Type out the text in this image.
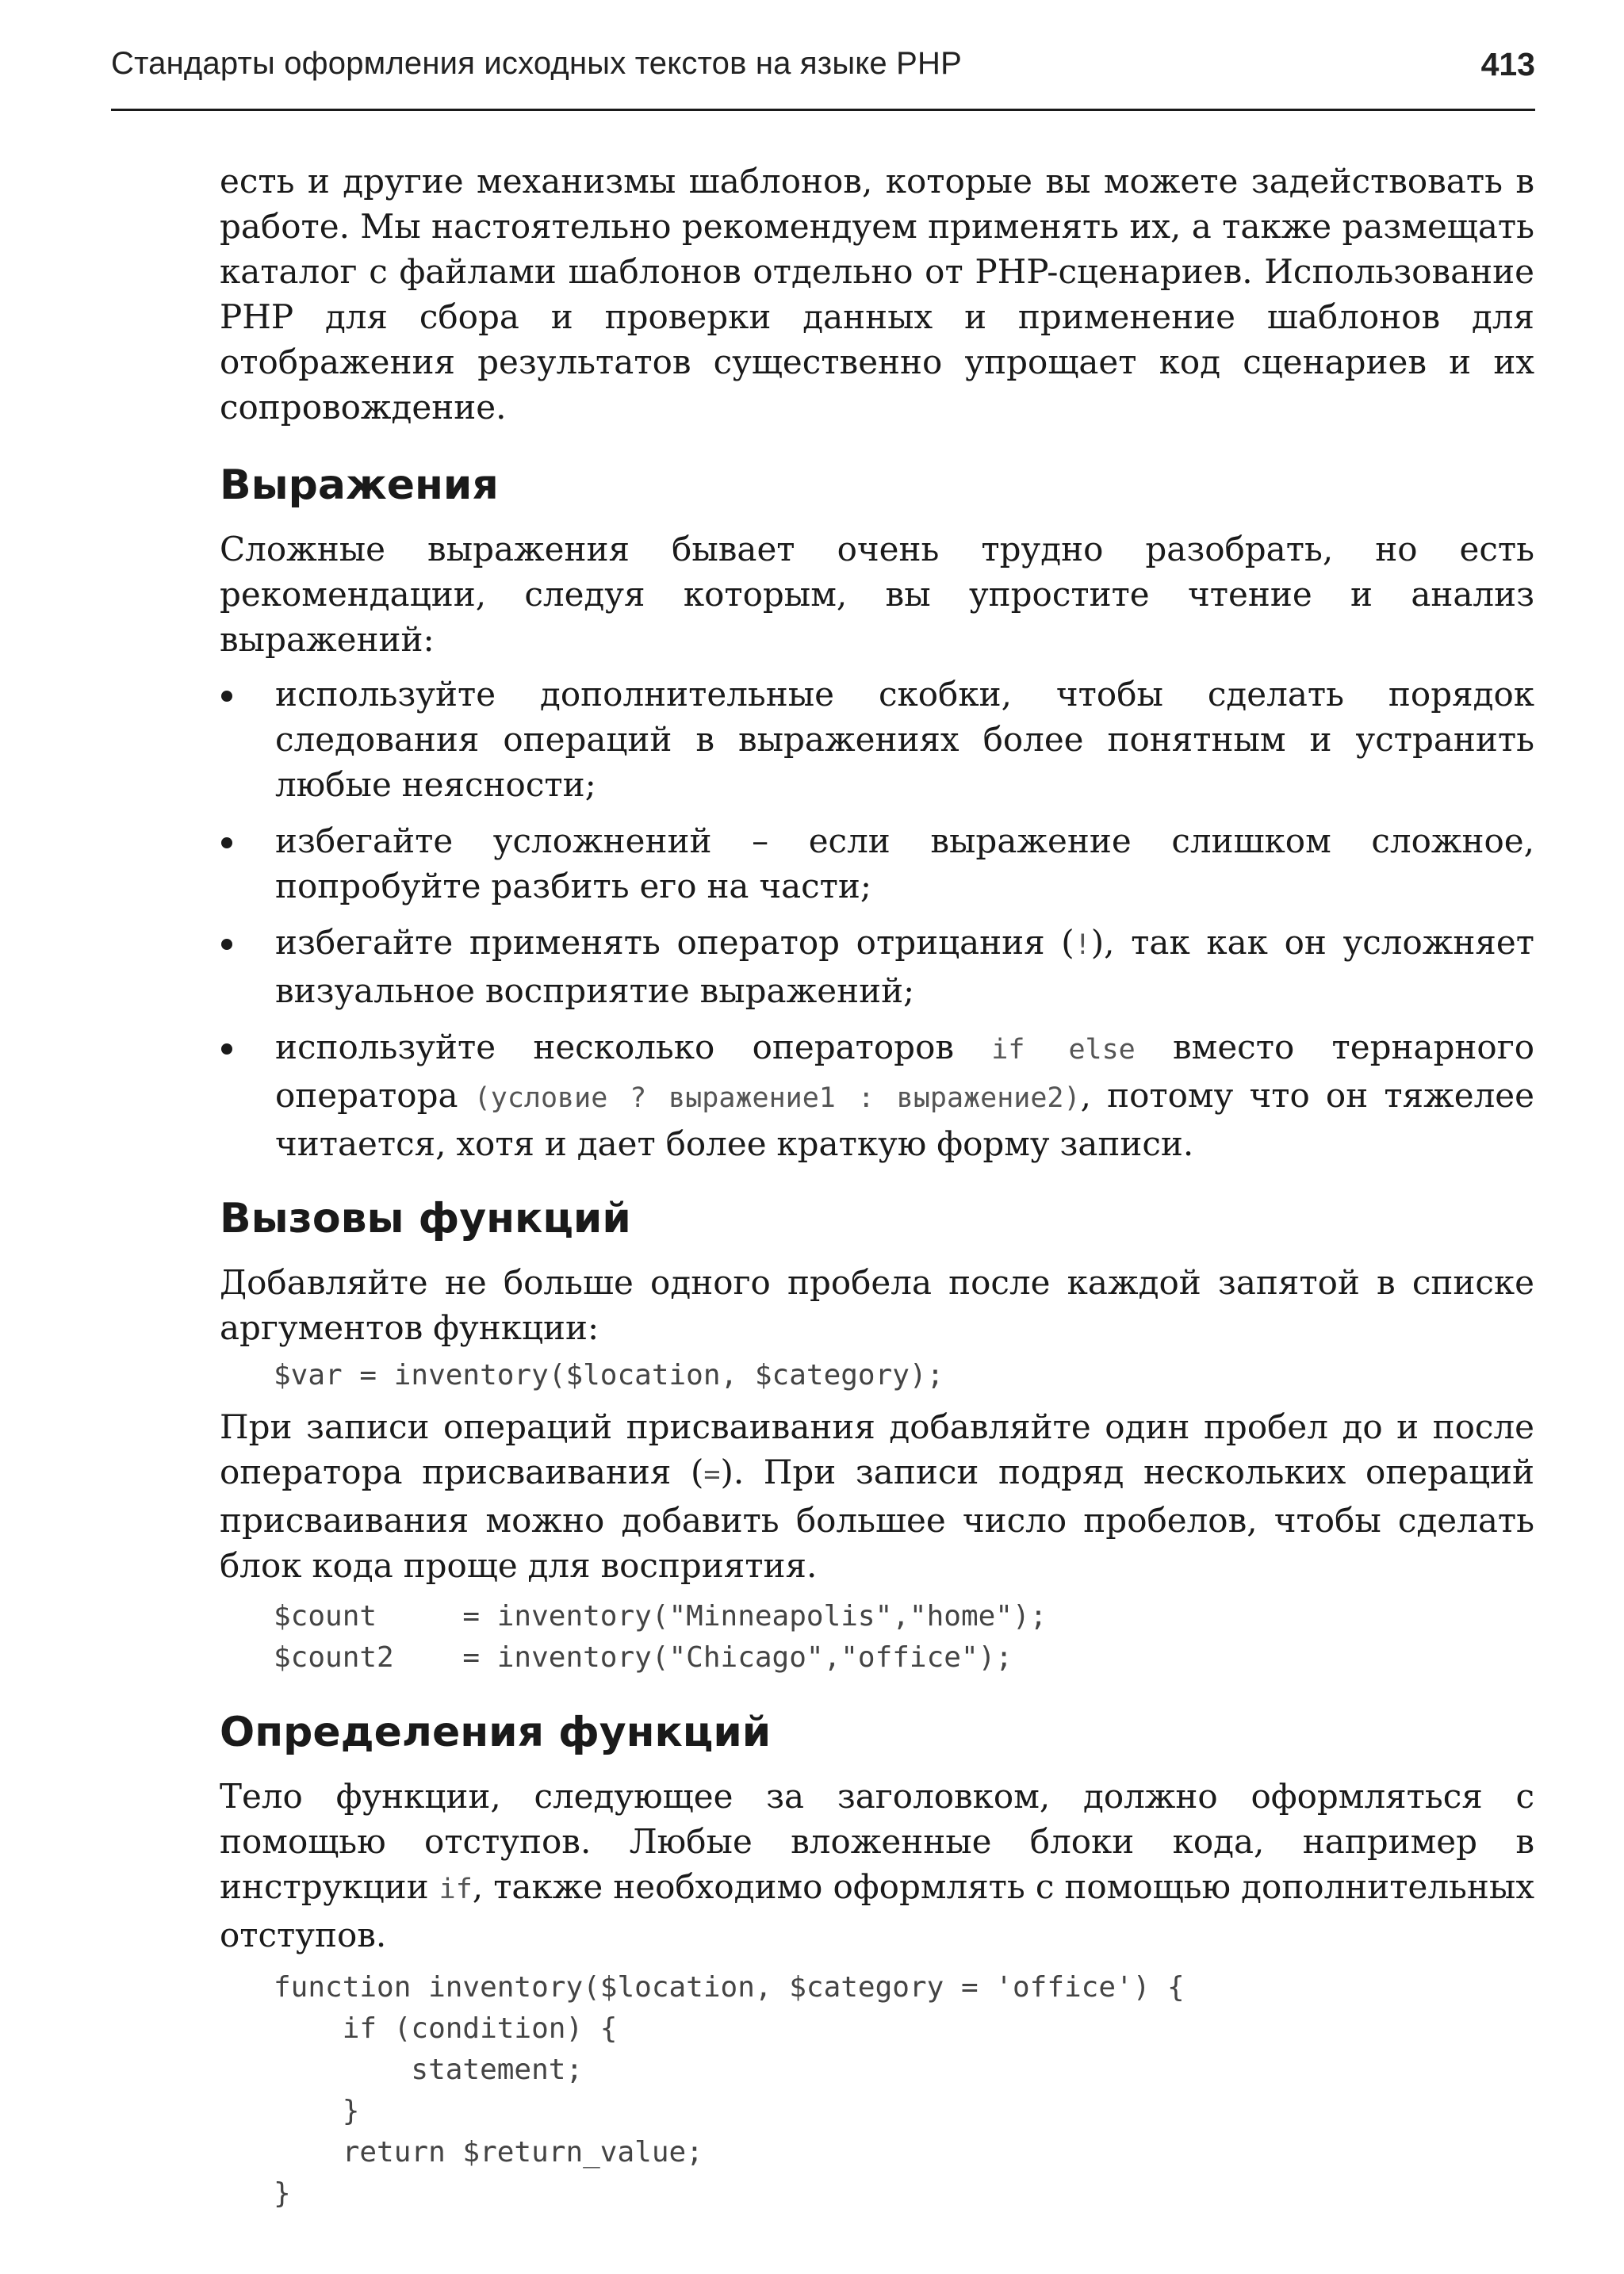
Стандарты оформления исходных текстов на языке PHP	413

есть и другие механизмы шаблонов, которые вы можете задействовать в работе. Мы настоятельно рекомендуем применять их, а также размещать каталог с файлами шаблонов отдельно от PHP-сценариев. Использование PHP для сбора и проверки данных и применение шаблонов для отображения результатов существенно упрощает код сценариев и их сопровождение.

Выражения

Сложные выражения бывает очень трудно разобрать, но есть рекомендации, следуя которым, вы упростите чтение и анализ выражений:

используйте дополнительные скобки, чтобы сделать порядок следования операций в выражениях более понятным и устранить любые неясности;
избегайте усложнений – если выражение слишком сложное, попробуйте разбить его на части;
избегайте применять оператор отрицания (!), так как он усложняет визуальное восприятие выражений;
используйте несколько операторов if else вместо тернарного оператора (условие ? выражение1 : выражение2), потому что он тяжелее читается, хотя и дает более краткую форму записи.
Вызовы функций

Добавляйте не больше одного пробела после каждой запятой в списке аргументов функции:

$var = inventory($location, $category);

При записи операций присваивания добавляйте один пробел до и после оператора присваивания (=). При записи подряд нескольких операций присваивания можно добавить большее число пробелов, чтобы сделать блок кода проще для восприятия.

$count     = inventory("Minneapolis","home");
$count2    = inventory("Chicago","office");
Определения функций

Тело функции, следующее за заголовком, должно оформляться с помощью отступов. Любые вложенные блоки кода, например в инструкции if, также необходимо оформлять с помощью дополнительных отступов.

function inventory($location, $category = 'office') {
if (condition) {
statement;
}
return $return_value;
}
